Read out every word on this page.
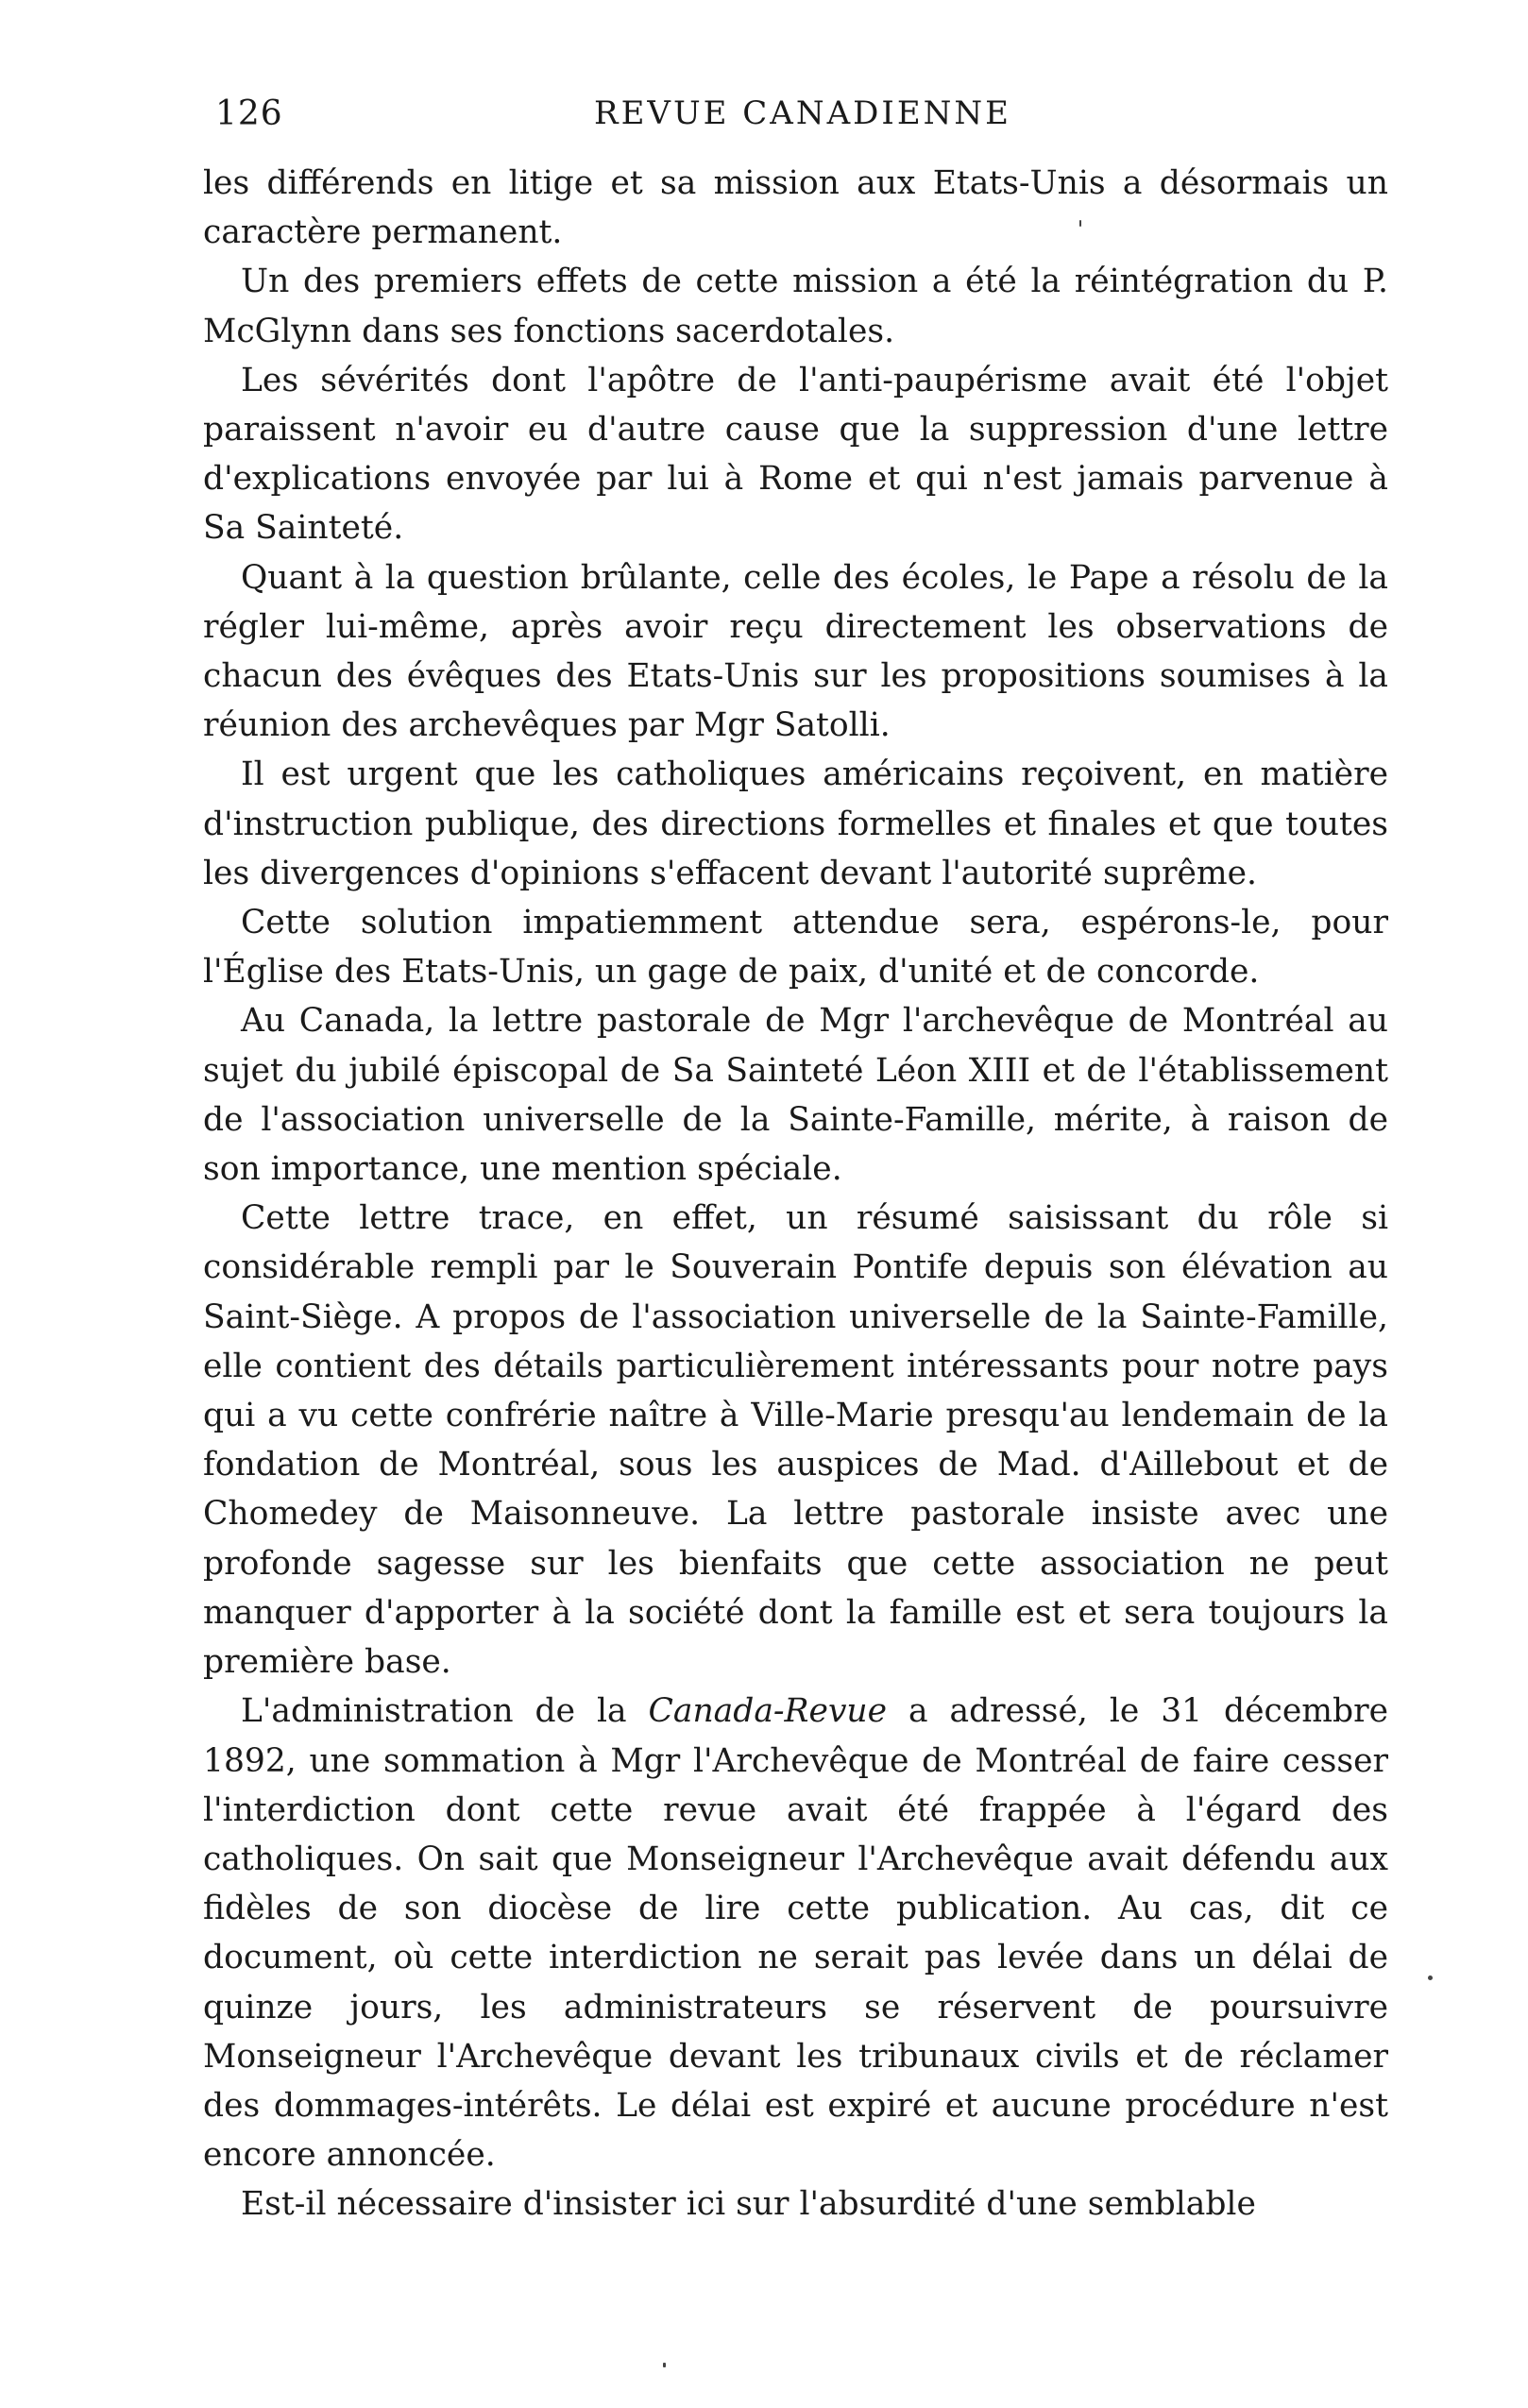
126	REVUE CANADIENNE

les différends en litige et sa mission aux Etats-Unis a désormais un caractère permanent.

Un des premiers effets de cette mission a été la réintégration du P. McGlynn dans ses fonctions sacerdotales.

Les sévérités dont l'apôtre de l'anti-paupérisme avait été l'objet paraissent n'avoir eu d'autre cause que la suppression d'une lettre d'explications envoyée par lui à Rome et qui n'est jamais parvenue à Sa Sainteté.

Quant à la question brûlante, celle des écoles, le Pape a résolu de la régler lui-même, après avoir reçu directement les observations de chacun des évêques des Etats-Unis sur les propositions soumises à la réunion des archevêques par Mgr Satolli.

Il est urgent que les catholiques américains reçoivent, en matière d'instruction publique, des directions formelles et finales et que toutes les divergences d'opinions s'effacent devant l'autorité suprême.

Cette solution impatiemment attendue sera, espérons-le, pour l'Église des Etats-Unis, un gage de paix, d'unité et de concorde.

Au Canada, la lettre pastorale de Mgr l'archevêque de Montréal au sujet du jubilé épiscopal de Sa Sainteté Léon XIII et de l'établissement de l'association universelle de la Sainte-Famille, mérite, à raison de son importance, une mention spéciale.

Cette lettre trace, en effet, un résumé saisissant du rôle si considérable rempli par le Souverain Pontife depuis son élévation au Saint-Siège. A propos de l'association universelle de la Sainte-Famille, elle contient des détails particulièrement intéressants pour notre pays qui a vu cette confrérie naître à Ville-Marie presqu'au lendemain de la fondation de Montréal, sous les auspices de Mad. d'Aillebout et de Chomedey de Maisonneuve. La lettre pastorale insiste avec une profonde sagesse sur les bienfaits que cette association ne peut manquer d'apporter à la société dont la famille est et sera toujours la première base.

L'administration de la Canada-Revue a adressé, le 31 décembre 1892, une sommation à Mgr l'Archevêque de Montréal de faire cesser l'interdiction dont cette revue avait été frappée à l'égard des catholiques. On sait que Monseigneur l'Archevêque avait défendu aux fidèles de son diocèse de lire cette publication. Au cas, dit ce document, où cette interdiction ne serait pas levée dans un délai de quinze jours, les administrateurs se réservent de poursuivre Monseigneur l'Archevêque devant les tribunaux civils et de réclamer des dommages-intérêts. Le délai est expiré et aucune procédure n'est encore annoncée.

Est-il nécessaire d'insister ici sur l'absurdité d'une semblable
